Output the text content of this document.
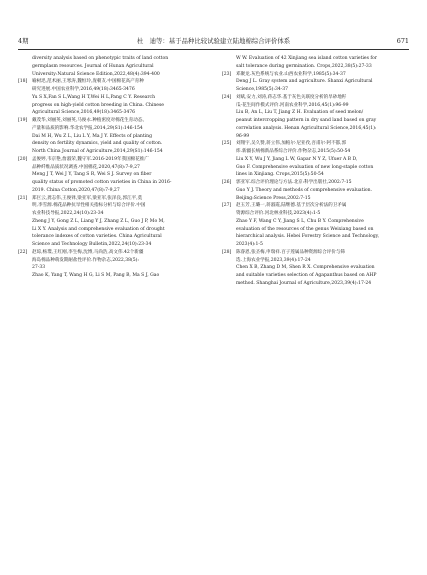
4期	杜　迪等：基于品种比较试验建立陆地棉综合评价体系	671
diversity analysis based on phenotypic traits of land cotton
germplasm resources. Journal of Hunan Agricultural
University:Natural Science Edition,2022,48(4):394-400
[18] 喻树迅,范术丽,王寒涛,魏恒玲,庞朝友.中国棉花高产育种
研究进展.中国农业科学,2016,49(18):3465-3476
Yu S X,Fan S L,Wang H T,Wei H L,Pang C Y. Research
progress on high-yield cotton breeding in China. Chinese
Agricultural Science,2016,49(18):3465-3476
[19] 戴茂华,刘丽英,刘丽英,马俊永.种植密度对棉花生育动态、
产量和品质的影响.华北农学报,2014,29(S1):146-154
Dai M H, Wu Z L, Liu L Y, Ma J Y. Effects of planting
density on fertility dynamics, yield and quality of cotton.
North China Journal of Agriculture,2014,29(S1):146-154
[20] 孟俊婷,韦京艳,詹淑荣,魏守军.2016-2019年我国棉花推广
品种纤维品质状况调查.中国棉花,2020,47(8):7-9,27
Meng J T, Wei J Y, Tang S R, Wei S J. Survey on fiber
quality status of promoted cotton varieties in China in 2016-
2019. China Cotton,2020,47(8):7-9,27
[21] 郑巨云,龚志伟,王俊铎,梁亚军,梁亚军,张泽良,郭江平,莫
明,李雪源.棉花品种抗旱性相关指标分析与综合评价.中国
农业科技导报,2022,24(10):23-34
Zheng J Y, Gong Z L, Liang Y J, Zhang Z L, Guo J P, Mo M,
Li X Y. Analysis and comprehensive evaluation of drought
tolerance indexes of cotton varieties. China Agricultural
Science and Technology Bulletin,2022,24(10):23-34
[22] 赵琼,杨璟,王红刚,李生梅,沈博,马尚浩,高文伟.42个新疆
海岛棉品种萌发期耐盐性评价.作物杂志,2022,38(5):
27-33
Zhao K, Yang T, Wang H G, Li S M, Pang B, Ma S J, Gao
W W. Evaluation of 42 Xinjiang sea island cotton varieties for
salt tolerance during germination. Crops,2022,38(5):27-33
[23] 邓聚龙.灰色系统与农业.山西农业科学,1985(5):34-37
Deng J L. Gray system and agriculture. Shanxi Agricultural
Science,1985(5):34-37
[24] 刘斌,安力,刘涛,蒋志华.基于灰色关联度分析的旱砂地籽
瓜-花生间作模式评价.河南农业科学,2016,45(1):96-99
Liu B, An L, Liu T, Jiang Z H. Evaluation of seed melon/
peanut intercropping pattern in dry sand land based on gray
correlation analysis. Henan Agricultural Science,2016,45(1):
96-99
[25] 刘翔宇,吴久赞,蒋立伟,加帕尔·尼亚孜,吾甫尔·阿不都,郭
炜.新疆长绒棉新品系综合评价.作物杂志,2015(5):50-54
Liu X Y, Wu J Y, Jiang L W, Gapar N Y Z, Ufuer A B D,
Guo F. Comprehensive evaluation of new long-staple cotton
lines in Xinjiang. Crops,2015(5):50-54
[26] 郭亚军.综合评价理论与方法.北京:科学出版社,2002:7-15
Guo Y J. Theory and methods of comprehensive evaluation.
Beijing:Science Press,2002:7-15
[27] 赵玉芳,王璐一,蒋淑霞,陆继德.基于层次分析法的卫矛属
资源综合评价.河北林业科技,2023(4):1-5
Zhao Y F, Wang C Y, Jiang S L, Chu B Y. Comprehensive
evaluation of the resources of the genus Weixiang based on
hierarchical analysis. Hebei Forestry Science and Technology,
2023(4):1-5
[28] 陈睿恩,张圣梅,申瑞祥.百子莲属品种资源综合评价与筛
选.上海农业学报,2023,39(4):17-24
Chen X B, Zhang D M, Shen R X. Comprehensive evaluation
and suitable varieties selection of Agapanthus based on AHP
method. Shanghai Journal of Agriculture,2023,39(4):17-24
